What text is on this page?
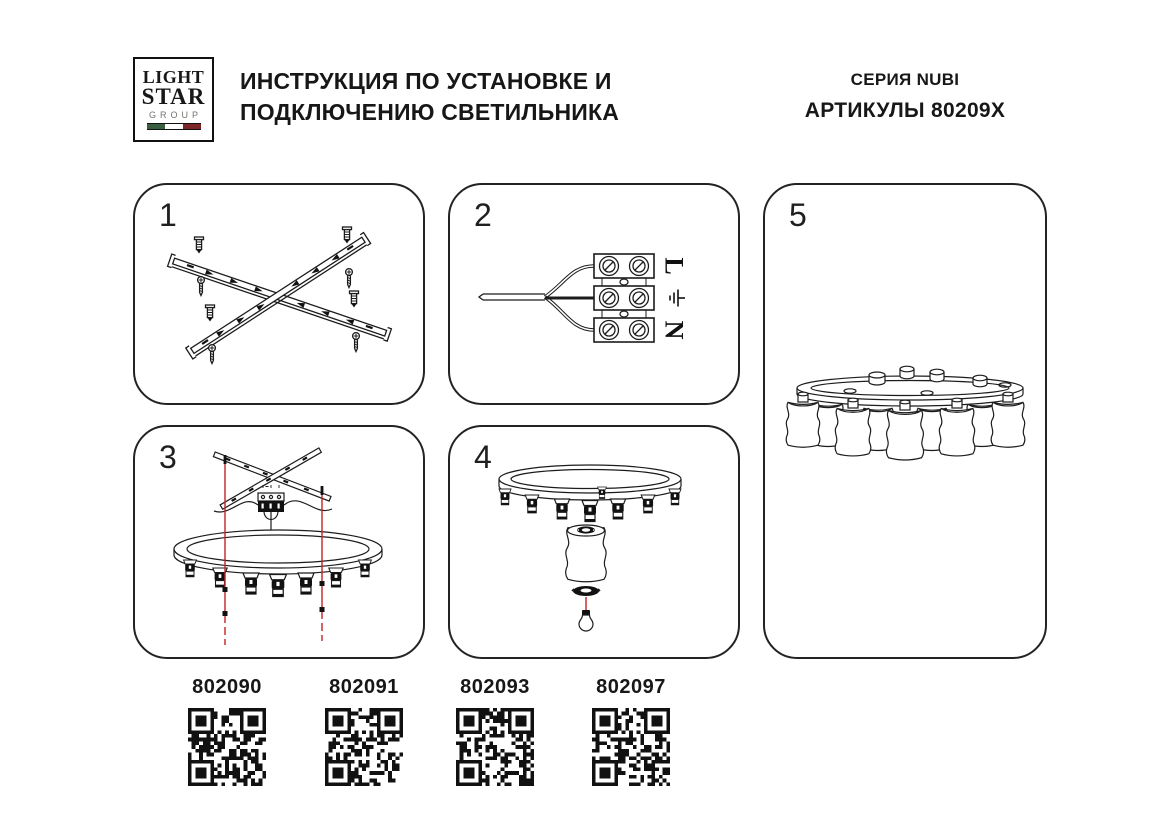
LIGHT
STAR
GROUP
ИНСТРУКЦИЯ ПО УСТАНОВКЕ И
ПОДКЛЮЧЕНИЮ СВЕТИЛЬНИКА
СЕРИЯ NUBI
АРТИКУЛЫ 80209X
1
L
N
2
3	4
5
802090	802091	802093	802097
